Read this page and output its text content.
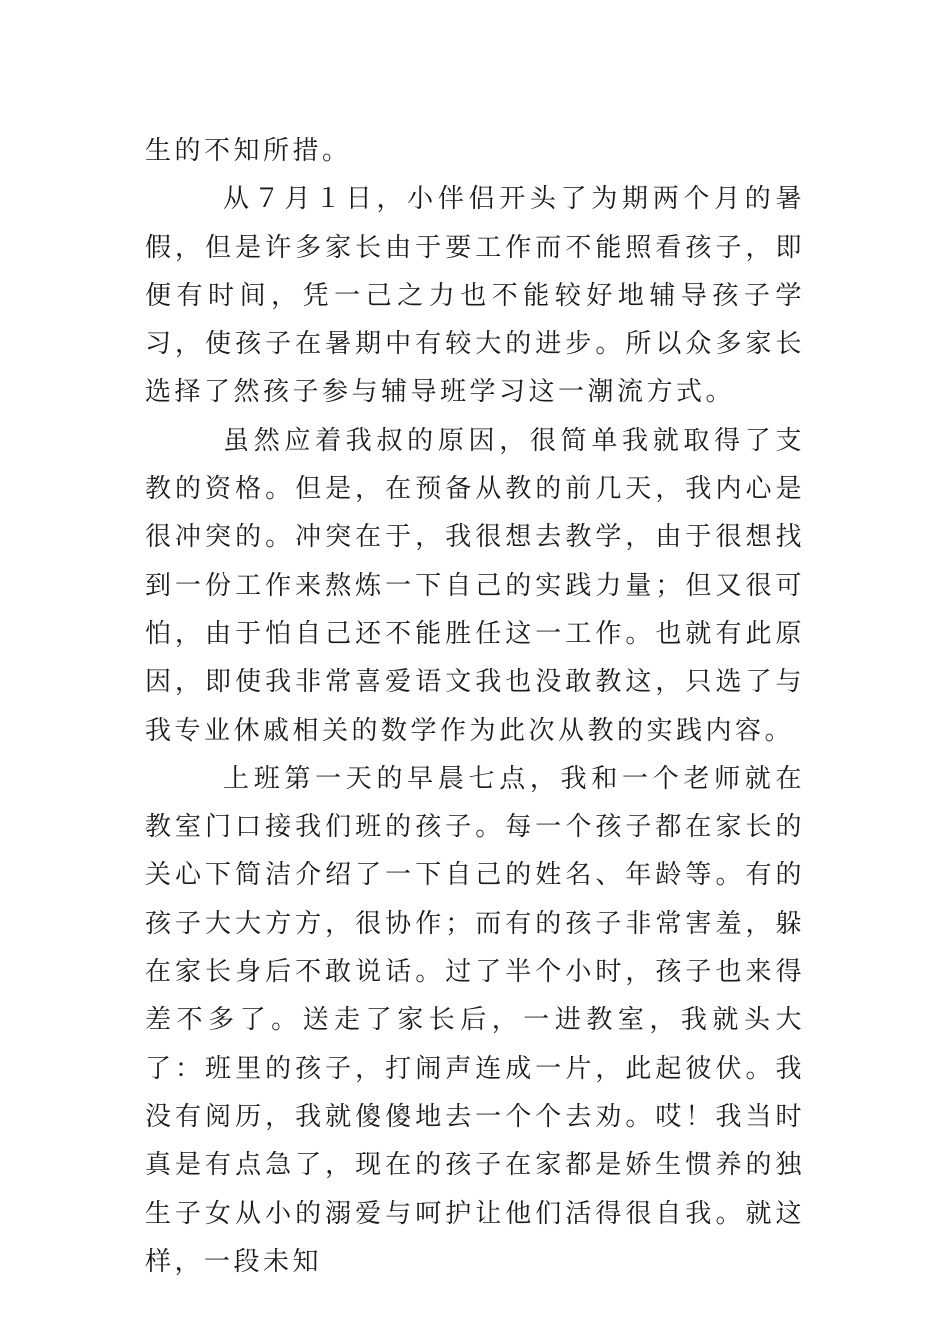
生的不知所措。

从７月１日，小伴侣开头了为期两个月的暑假，但是许多家长由于要工作而不能照看孩子，即便有时间，凭一己之力也不能较好地辅导孩子学习，使孩子在暑期中有较大的进步。所以众多家长选择了然孩子参与辅导班学习这一潮流方式。

虽然应着我叔的原因，很简单我就取得了支教的资格。但是，在预备从教的前几天，我内心是很冲突的。冲突在于，我很想去教学，由于很想找到一份工作来熬炼一下自己的实践力量；但又很可怕，由于怕自己还不能胜任这一工作。也就有此原因，即使我非常喜爱语文我也没敢教这，只选了与我专业休戚相关的数学作为此次从教的实践内容。

上班第一天的早晨七点，我和一个老师就在教室门口接我们班的孩子。每一个孩子都在家长的关心下简洁介绍了一下自己的姓名、年龄等。有的孩子大大方方，很协作；而有的孩子非常害羞，躲在家长身后不敢说话。过了半个小时，孩子也来得差不多了。送走了家长后，一进教室，我就头大了：班里的孩子，打闹声连成一片，此起彼伏。我没有阅历，我就傻傻地去一个个去劝。哎！我当时真是有点急了，现在的孩子在家都是娇生惯养的独生子女从小的溺爱与呵护让他们活得很自我。就这样，一段未知
